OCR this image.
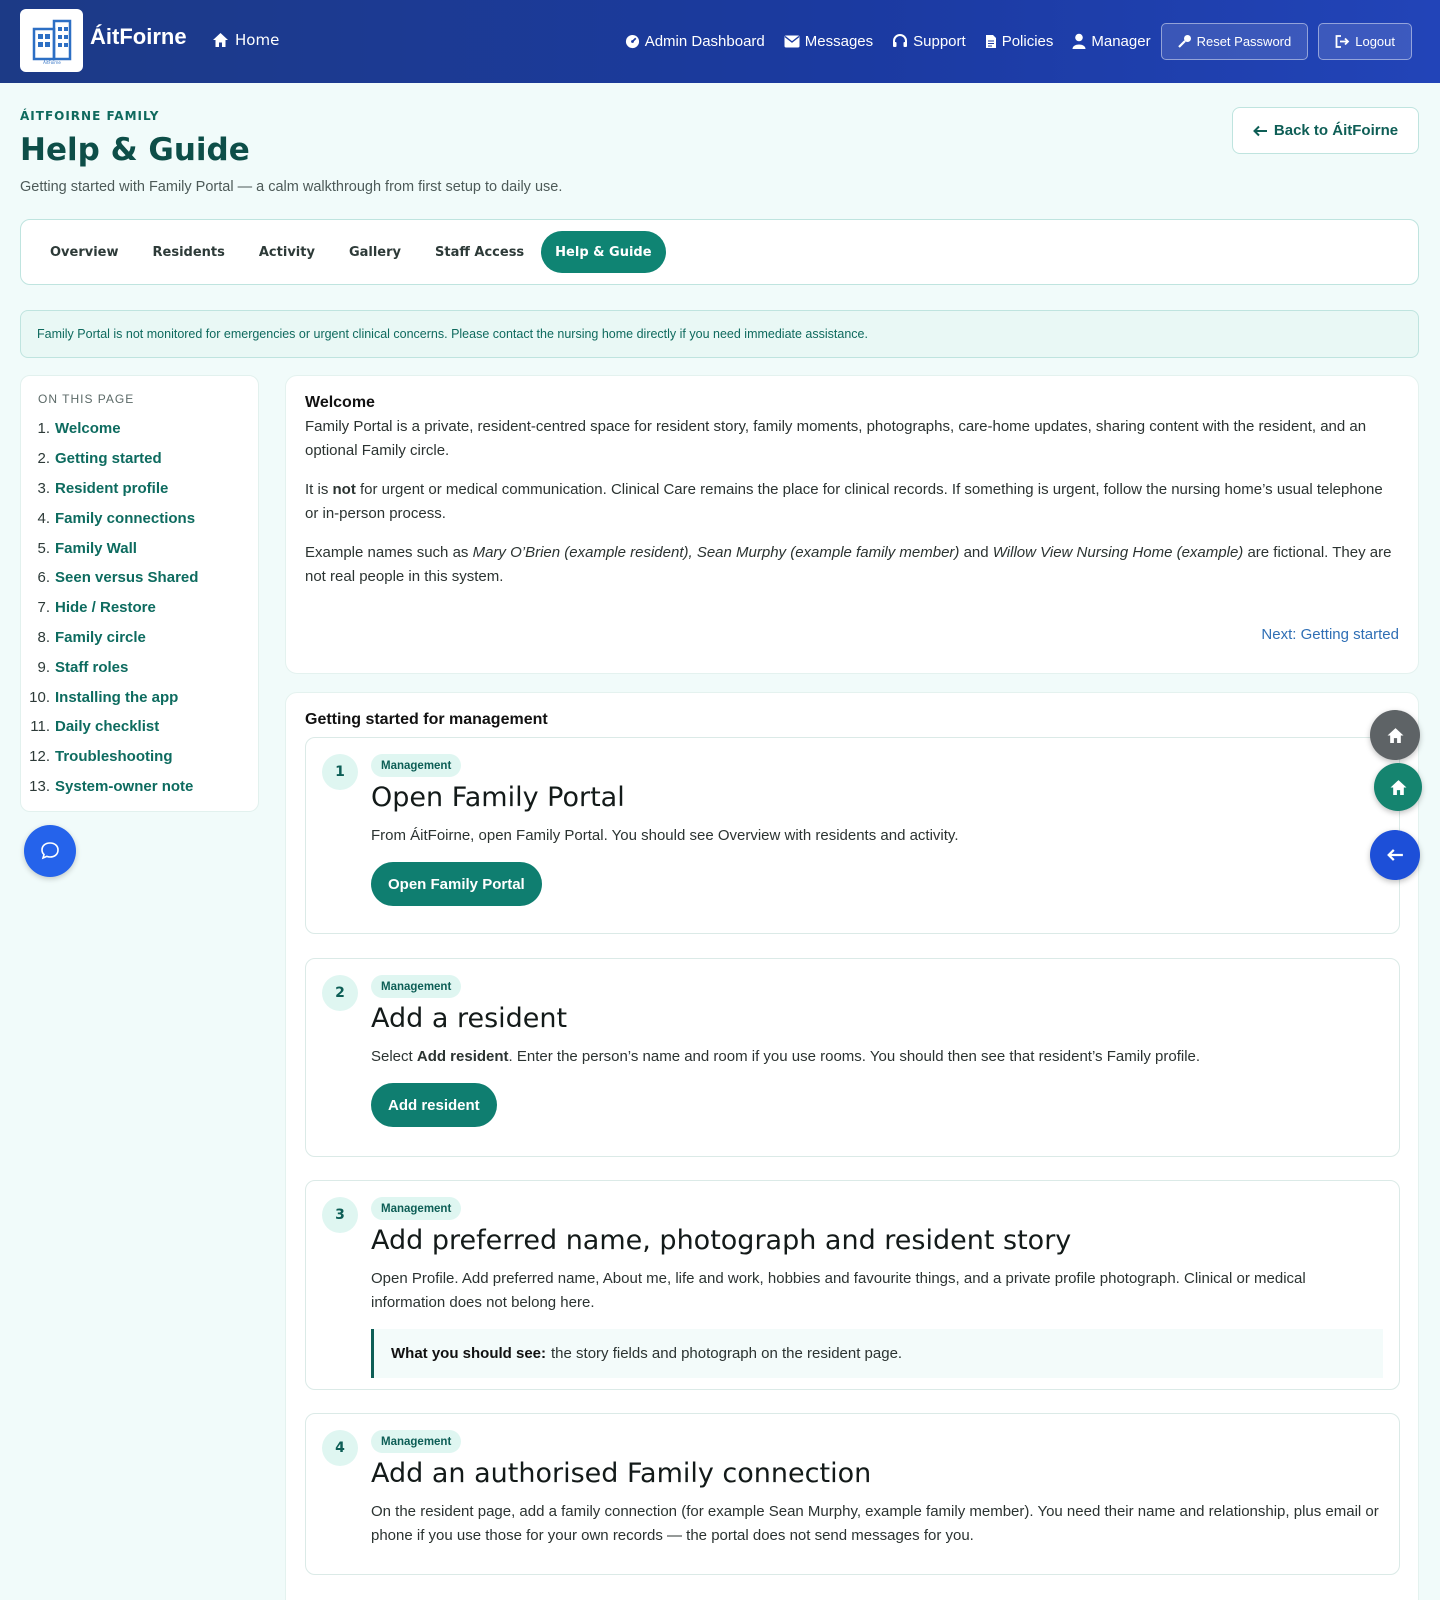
ÁitFoirne
ÁitFoirne	Home	Admin Dashboard	Messages	Support Policies	Manager	Reset Password	Logout
ÁITFOIRNE FAMILY
Help & Guide
Getting started with Family Portal — a calm walkthrough from first setup to daily use.
Back to ÁitFoirne
Overview	Residents	Activity	Gallery	Staff Access	Help & Guide
Family Portal is not monitored for emergencies or urgent clinical concerns. Please contact the nursing home directly if you need immediate assistance.
ON THIS PAGE
1. Welcome
2. Getting started
3. Resident profile
4. Family connections
5. Family Wall
6. Seen versus Shared
7. Hide / Restore
8. Family circle
9. Staff roles
10. Installing the app
11. Daily checklist
12. Troubleshooting
13. System-owner note
Welcome

Family Portal is a private, resident-centred space for resident story, family moments, photographs, care-home updates, sharing content with the resident, and an optional Family circle.

It is not for urgent or medical communication. Clinical Care remains the place for clinical records. If something is urgent, follow the nursing home’s usual telephone or in-person process.

Example names such as Mary O’Brien (example resident), Sean Murphy (example family member) and Willow View Nursing Home (example) are fictional. They are not real people in this system.

Next: Getting started
Getting started for management
1	Management
Open Family Portal
From ÁitFoirne, open Family Portal. You should see Overview with residents and activity.
Open Family Portal
2	Management
Add a resident
Select Add resident. Enter the person’s name and room if you use rooms. You should then see that resident’s Family profile.
Add resident
3	Management
Add preferred name, photograph and resident story
Open Profile. Add preferred name, About me, life and work, hobbies and favourite things, and a private profile photograph. Clinical or medical information does not belong here.
What you should see: the story fields and photograph on the resident page.
4	Management
Add an authorised Family connection
On the resident page, add a family connection (for example Sean Murphy, example family member). You need their name and relationship, plus email or phone if you use those for your own records — the portal does not send messages for you.
